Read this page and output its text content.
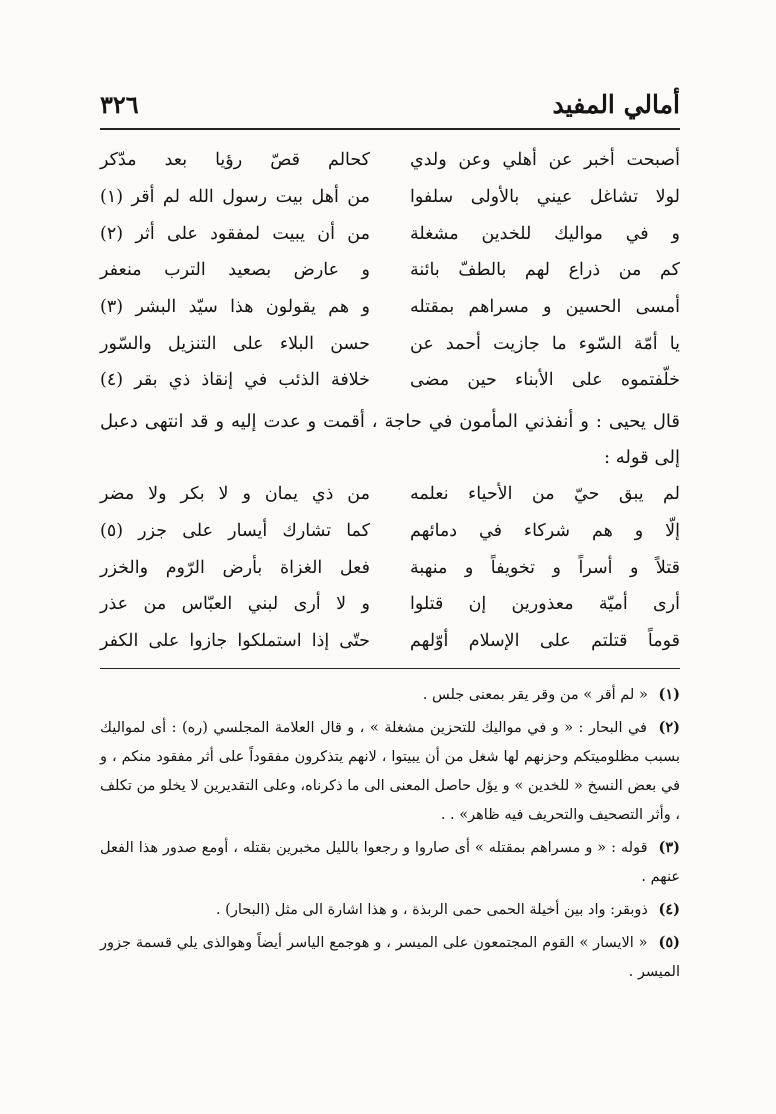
أمالي المفيد
٣٢٦
أصبحت أخبر عن أهلي وعن ولدي
كحالم قصّ رؤيا بعد مدّكر
لولا تشاغل عيني بالأولى سلفوا
من أهل بيت رسول الله لم أقر (١)
و في مواليك للخدين مشغلة
من أن يبيت لمفقود على أثر (٢)
كم من ذراع لهم بالطفّ بائنة
و عارض بصعيد الترب منعفر
أمسى الحسين و مسراهم بمقتله
و هم يقولون هذا سيّد البشر (٣)
يا أمّة السّوء ما جازيت أحمد عن
حسن البلاء على التنزيل والسّور
خلّفتموه على الأبناء حين مضى
خلافة الذئب في إنقاذ ذي بقر (٤)
قال يحيى : و أنفذني المأمون في حاجة ، أقمت و عدت إليه و قد انتهى دعبل إلى قوله :
لم يبق حيّ من الأحياء نعلمه
من ذي يمان و لا بكر ولا مضر
إلّا و هم شركاء في دمائهم
كما تشارك أيسار على جزر (٥)
قتلاً و أسراً و تخويفاً و منهبة
فعل الغزاة بأرض الرّوم والخزر
أرى أميّة معذورين إن قتلوا
و لا أرى لبني العبّاس من عذر
قوماً قتلتم على الإسلام أوّلهم
حتّى إذا استملكوا جازوا على الكفر

(١) « لم أقر » من وقر يقر بمعنى جلس .

(٢) في البحار : « و في مواليك للتحزين مشغلة » ، و قال العلامة المجلسي (ره) : أى لمواليك بسبب مظلوميتكم وحزنهم لها شغل من أن يبيتوا ، لانهم يتذكرون مفقوداً على أثر مفقود منكم ، و في بعض النسخ « للخدين » و يؤل حاصل المعنى الى ما ذكرناه، وعلى التقديرين لا يخلو من تكلف ، وأثر التصحيف والتحريف فيه ظاهر» . .

(٣) قوله : « و مسراهم بمقتله » أى صاروا و رجعوا بالليل مخبرين بقتله ، أومع صدور هذا الفعل عنهم .

(٤) ذوبقر: واد بين أخيلة الحمى حمى الربذة ، و هذا اشارة الى مثل (البحار) .

(٥) « الايسار » القوم المجتمعون على الميسر ، و هوجمع الياسر أيضاً وهوالذى يلي قسمة جزور الميسر .
